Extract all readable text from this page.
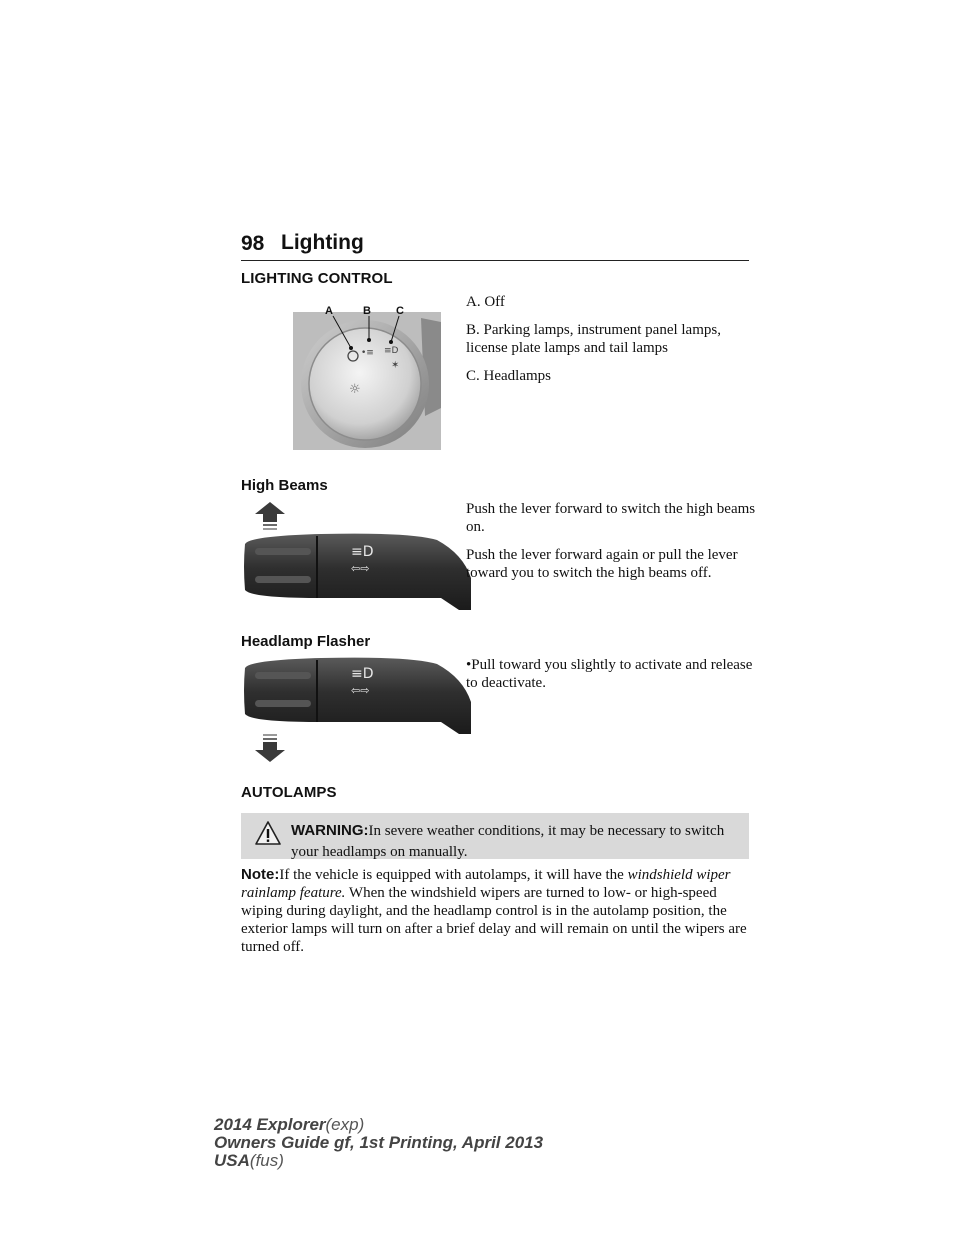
98 Lighting
LIGHTING CONTROL
A	B C
•≡ ≡D
✶
☼

A. Off

B. Parking lamps, instrument panel lamps, license plate lamps and tail lamps

C. Headlamps

High Beams
≡D
⇦⇨

Push the lever forward to switch the high beams on.

Push the lever forward again or pull the lever toward you to switch the high beams off.

Headlamp Flasher
≡D
⇦⇨

•Pull toward you slightly to activate and release to deactivate.

AUTOLAMPS
WARNING:In severe weather conditions, it may be necessary to switch your headlamps on manually.
Note:If the vehicle is equipped with autolamps, it will have the windshield wiper rainlamp feature. When the windshield wipers are turned to low- or high-speed wiping during daylight, and the headlamp control is in the autolamp position, the exterior lamps will turn on after a brief delay and will remain on until the wipers are turned off.
2014 Explorer(exp)
Owners Guide gf, 1st Printing, April 2013
USA(fus)
